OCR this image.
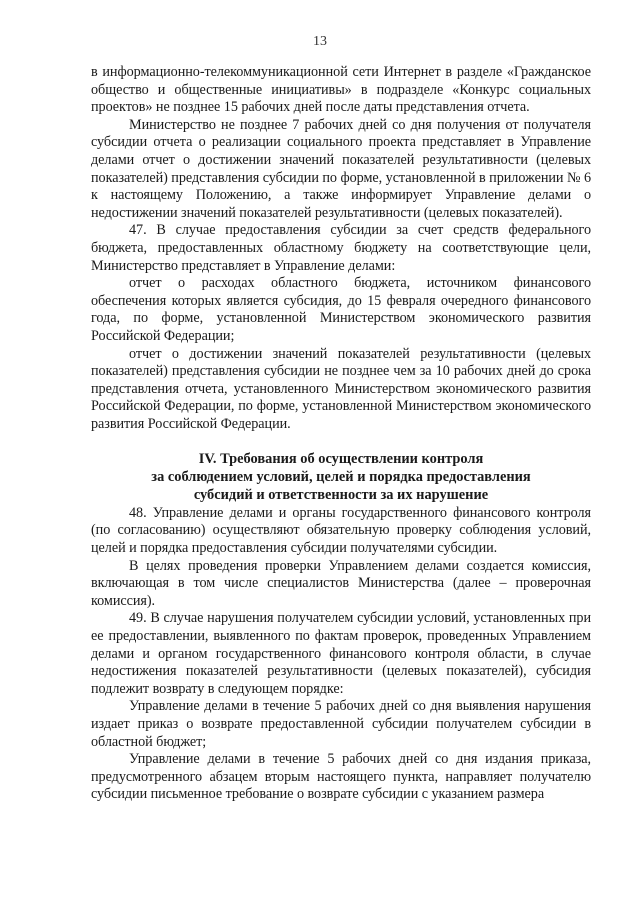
13

в информационно-телекоммуникационной сети Интернет в разделе «Гражданское общество и общественные инициативы» в подразделе «Конкурс социальных проектов» не позднее 15 рабочих дней после даты представления отчета.

Министерство не позднее 7 рабочих дней со дня получения от получателя субсидии отчета о реализации социального проекта представляет в Управление делами отчет о достижении значений показателей результативности (целевых показателей) представления субсидии по форме, установленной в приложении № 6 к настоящему Положению, а также информирует Управление делами о недостижении значений показателей результативности (целевых показателей).

47. В случае предоставления субсидии за счет средств федерального бюджета, предоставленных областному бюджету на соответствующие цели, Министерство представляет в Управление делами:

отчет о расходах областного бюджета, источником финансового обеспечения которых является субсидия, до 15 февраля очередного финансового года, по форме, установленной Министерством экономического развития Российской Федерации;

отчет о достижении значений показателей результативности (целевых показателей) представления субсидии не позднее чем за 10 рабочих дней до срока представления отчета, установленного Министерством экономического развития Российской Федерации, по форме, установленной Министерством экономического развития Российской Федерации.

IV. Требования об осуществлении контроля
за соблюдением условий, целей и порядка предоставления
субсидий и ответственности за их нарушение

48. Управление делами и органы государственного финансового контроля (по согласованию) осуществляют обязательную проверку соблюдения условий, целей и порядка предоставления субсидии получателями субсидии.

В целях проведения проверки Управлением делами создается комиссия, включающая в том числе специалистов Министерства (далее – проверочная комиссия).

49. В случае нарушения получателем субсидии условий, установленных при ее предоставлении, выявленного по фактам проверок, проведенных Управлением делами и органом государственного финансового контроля области, в случае недостижения показателей результативности (целевых показателей), субсидия подлежит возврату в следующем порядке:

Управление делами в течение 5 рабочих дней со дня выявления нарушения издает приказ о возврате предоставленной субсидии получателем субсидии в областной бюджет;

Управление делами в течение 5 рабочих дней со дня издания приказа, предусмотренного абзацем вторым настоящего пункта, направляет получателю субсидии письменное требование о возврате субсидии с указанием размера
